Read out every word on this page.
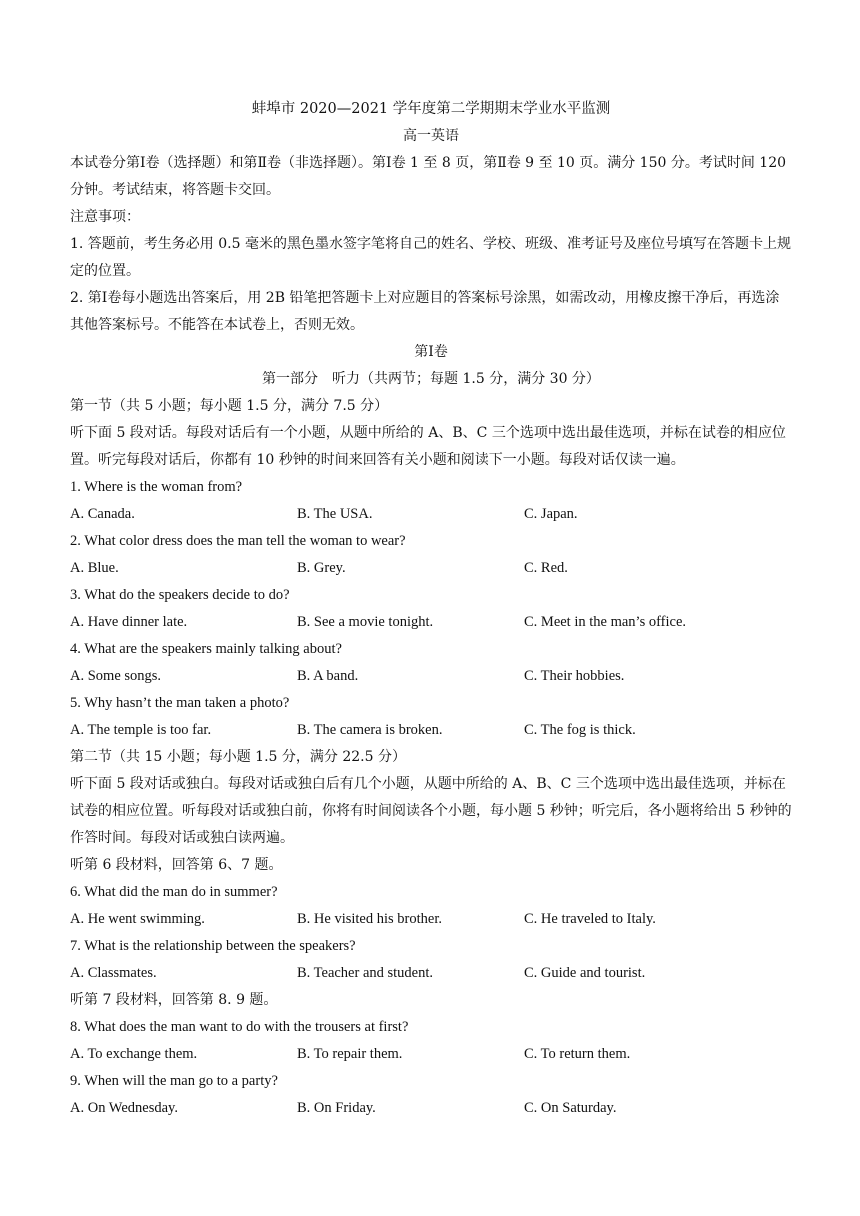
蚌埠市 2020—2021 学年度第二学期期末学业水平监测
高一英语
本试卷分第Ⅰ卷（选择题）和第Ⅱ卷（非选择题）。第Ⅰ卷 1 至 8 页，第Ⅱ卷 9 至 10 页。满分 150 分。考试时间 120 分钟。考试结束，将答题卡交回。
注意事项：
1. 答题前，考生务必用 0.5 毫米的黑色墨水签字笔将自己的姓名、学校、班级、准考证号及座位号填写在答题卡上规定的位置。
2. 第Ⅰ卷每小题选出答案后，用 2B 铅笔把答题卡上对应题目的答案标号涂黑，如需改动，用橡皮擦干净后，再选涂其他答案标号。不能答在本试卷上，否则无效。
第Ⅰ卷
第一部分　听力（共两节；每题 1.5 分，满分 30 分）
第一节（共 5 小题；每小题 1.5 分，满分 7.5 分）
听下面 5 段对话。每段对话后有一个小题，从题中所给的 A、B、C 三个选项中选出最佳选项，并标在试卷的相应位置。听完每段对话后，你都有 10 秒钟的时间来回答有关小题和阅读下一小题。每段对话仅读一遍。
1. Where is the woman from?
A. Canada.	B. The USA.	C. Japan.
2. What color dress does the man tell the woman to wear?
A. Blue.	B. Grey.	C. Red.
3. What do the speakers decide to do?
A. Have dinner late.	B. See a movie tonight.	C. Meet in the man’s office.
4. What are the speakers mainly talking about?
A. Some songs.	B. A band.	C. Their hobbies.
5. Why hasn’t the man taken a photo?
A. The temple is too far.	B. The camera is broken.	C. The fog is thick.
第二节（共 15 小题；每小题 1.5 分，满分 22.5 分）
听下面 5 段对话或独白。每段对话或独白后有几个小题，从题中所给的 A、B、C 三个选项中选出最佳选项，并标在试卷的相应位置。听每段对话或独白前，你将有时间阅读各个小题，每小题 5 秒钟；听完后，各小题将给出 5 秒钟的作答时间。每段对话或独白读两遍。
听第 6 段材料，回答第 6、7 题。
6. What did the man do in summer?
A. He went swimming.	B. He visited his brother.	C. He traveled to Italy.
7. What is the relationship between the speakers?
A. Classmates.	B. Teacher and student.	C. Guide and tourist.
听第 7 段材料，回答第 8. 9 题。
8. What does the man want to do with the trousers at first?
A. To exchange them.	B. To repair them.	C. To return them.
9. When will the man go to a party?
A. On Wednesday.	B. On Friday.	C. On Saturday.
